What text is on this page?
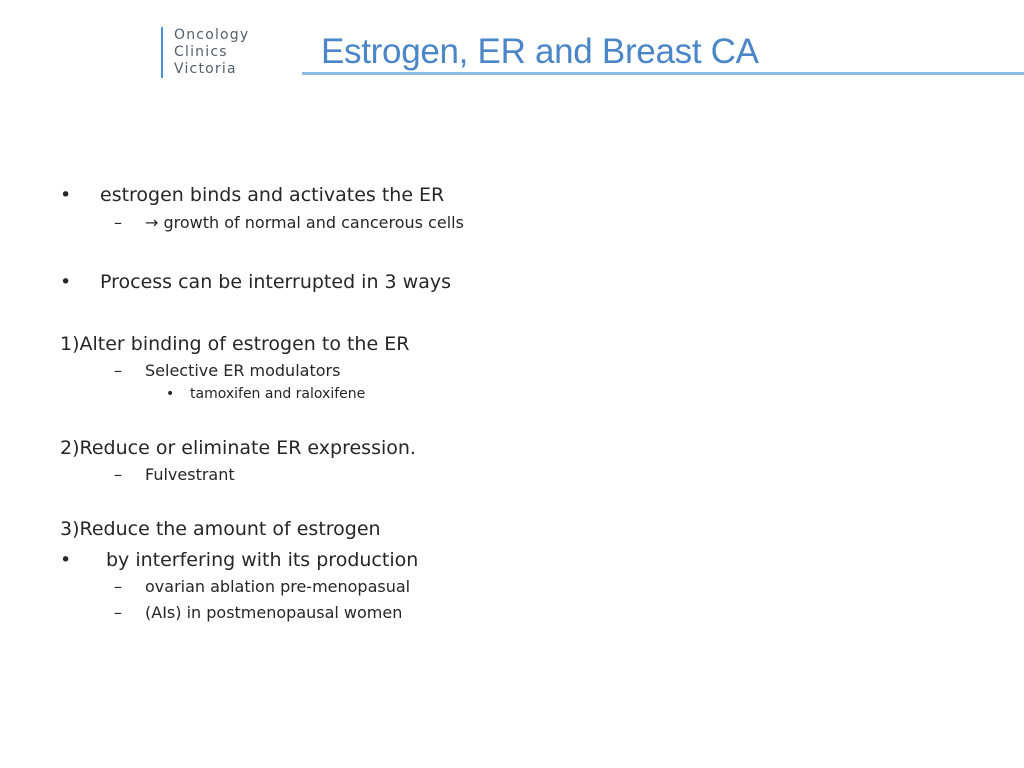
Oncology
Clinics
Victoria	Estrogen, ER and Breast CA
• estrogen binds and activates the ER
– → growth of normal and cancerous cells
• Process can be interrupted in 3 ways
1)Alter binding of estrogen to the ER
– Selective ER modulators
• tamoxifen and raloxifene
2)Reduce or eliminate ER expression.
– Fulvestrant
3)Reduce the amount of estrogen
• by interfering with its production
– ovarian ablation pre-menopasual
– (AIs) in postmenopausal women
